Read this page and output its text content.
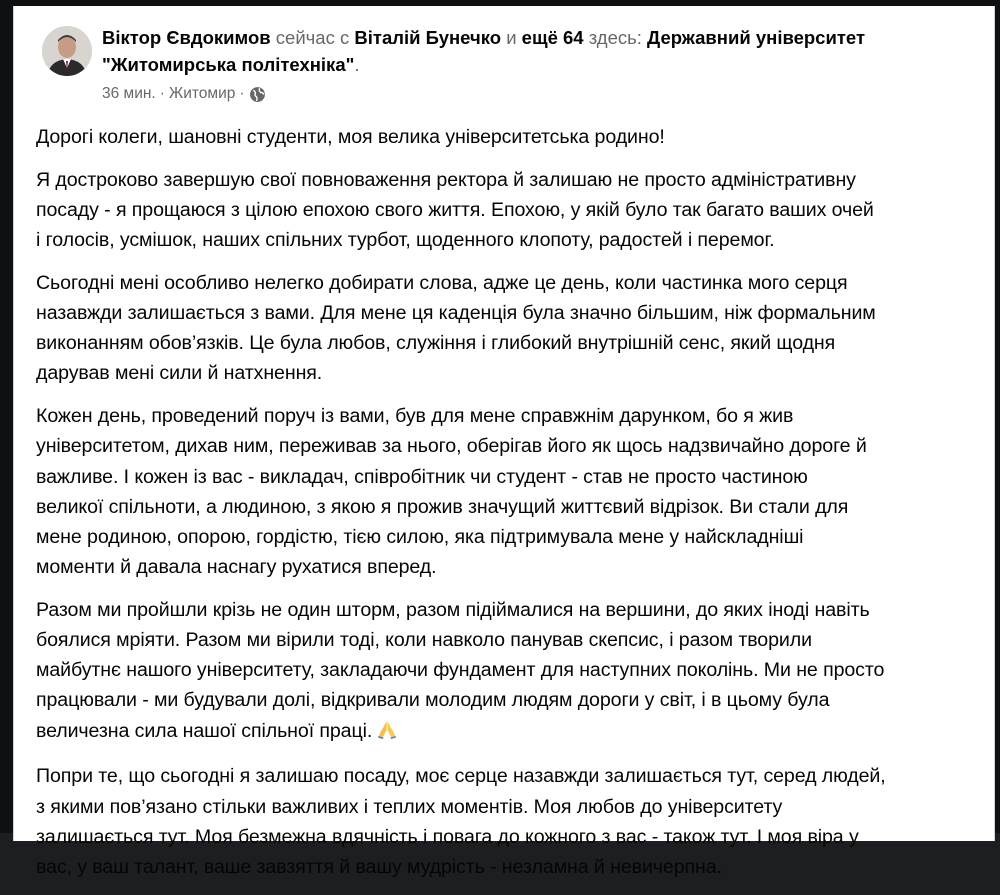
Віктор Євдокимов сейчас с Віталій Бунечко и ещё 64 здесь: Державний університет "Житомирська політехніка".
36 мин. · Житомир ·

Дорогі колеги, шановні студенти, моя велика університетська родино!

Я достроково завершую свої повноваження ректора й залишаю не просто адміністративну
посаду - я прощаюся з цілою епохою свого життя. Епохою, у якій було так багато ваших очей
і голосів, усмішок, наших спільних турбот, щоденного клопоту, радостей і перемог.

Сьогодні мені особливо нелегко добирати слова, адже це день, коли частинка мого серця
назавжди залишається з вами. Для мене ця каденція була значно більшим, ніж формальним
виконанням обов’язків. Це була любов, служіння і глибокий внутрішній сенс, який щодня
дарував мені сили й натхнення.

Кожен день, проведений поруч із вами, був для мене справжнім дарунком, бо я жив
університетом, дихав ним, переживав за нього, оберігав його як щось надзвичайно дороге й
важливе. І кожен із вас - викладач, співробітник чи студент - став не просто частиною
великої спільноти, а людиною, з якою я прожив значущий життєвий відрізок. Ви стали для
мене родиною, опорою, гордістю, тією силою, яка підтримувала мене у найскладніші
моменти й давала наснагу рухатися вперед.

Разом ми пройшли крізь не один шторм, разом підіймалися на вершини, до яких іноді навіть
боялися мріяти. Разом ми вірили тоді, коли навколо панував скепсис, і разом творили
майбутнє нашого університету, закладаючи фундамент для наступних поколінь. Ми не просто
працювали - ми будували долі, відкривали молодим людям дороги у світ, і в цьому була
величезна сила нашої спільної праці.

Попри те, що сьогодні я залишаю посаду, моє серце назавжди залишається тут, серед людей,
з якими пов’язано стільки важливих і теплих моментів. Моя любов до університету
залишається тут. Моя безмежна вдячність і повага до кожного з вас - також тут. І моя віра у
вас, у ваш талант, ваше завзяття й вашу мудрість - незламна й невичерпна.
